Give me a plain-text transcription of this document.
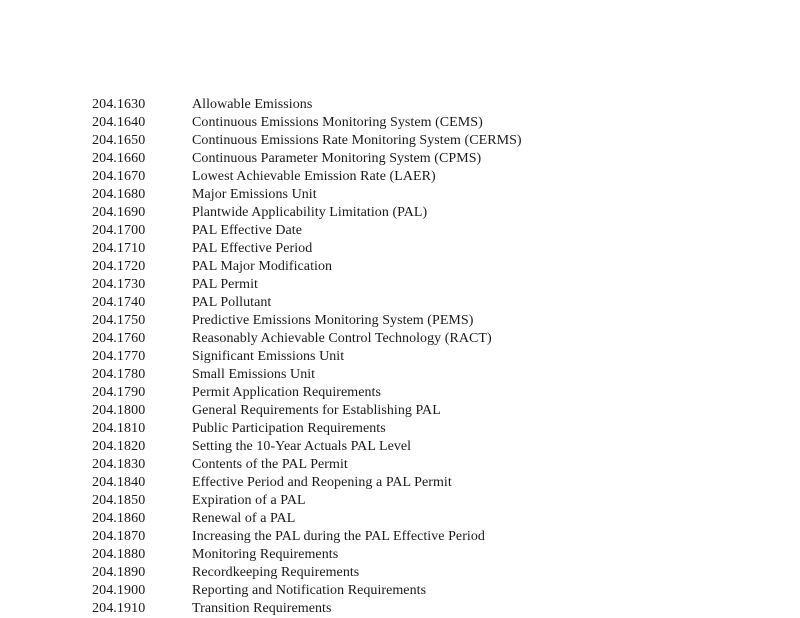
204.1630	Allowable Emissions
204.1640	Continuous Emissions Monitoring System (CEMS)
204.1650	Continuous Emissions Rate Monitoring System (CERMS)
204.1660	Continuous Parameter Monitoring System (CPMS)
204.1670	Lowest Achievable Emission Rate (LAER)
204.1680	Major Emissions Unit
204.1690	Plantwide Applicability Limitation (PAL)
204.1700	PAL Effective Date
204.1710	PAL Effective Period
204.1720	PAL Major Modification
204.1730	PAL Permit
204.1740	PAL Pollutant
204.1750	Predictive Emissions Monitoring System (PEMS)
204.1760	Reasonably Achievable Control Technology (RACT)
204.1770	Significant Emissions Unit
204.1780	Small Emissions Unit
204.1790	Permit Application Requirements
204.1800	General Requirements for Establishing PAL
204.1810	Public Participation Requirements
204.1820	Setting the 10-Year Actuals PAL Level
204.1830	Contents of the PAL Permit
204.1840	Effective Period and Reopening a PAL Permit
204.1850	Expiration of a PAL
204.1860	Renewal of a PAL
204.1870	Increasing the PAL during the PAL Effective Period
204.1880	Monitoring Requirements
204.1890	Recordkeeping Requirements
204.1900	Reporting and Notification Requirements
204.1910	Transition Requirements
